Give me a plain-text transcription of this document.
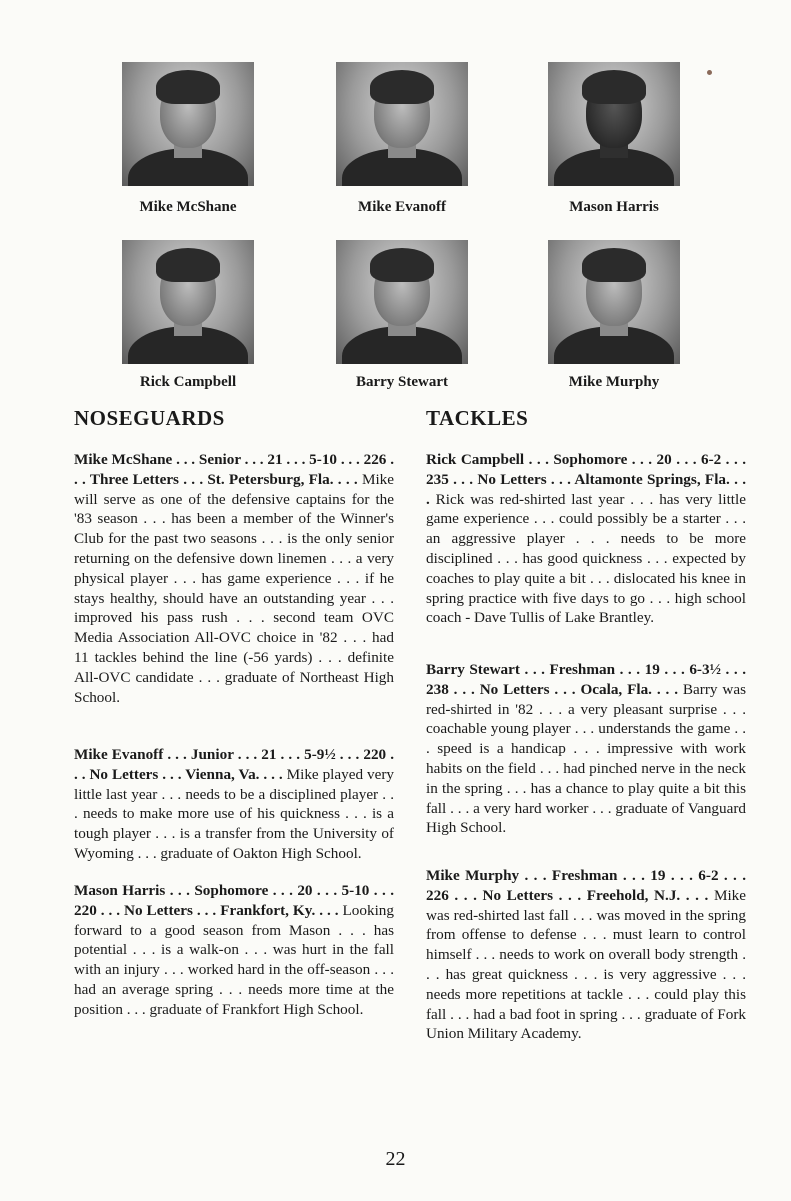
Mike McShane	Mike Evanoff	Mason Harris
Rick Campbell	Barry Stewart	Mike Murphy
NOSEGUARDS	TACKLES
Mike McShane . . . Senior . . . 21 . . . 5-10 . . . 226 . . . Three Letters . . . St. Petersburg, Fla. . . . Mike will serve as one of the defensive captains for the '83 season . . . has been a member of the Winner's Club for the past two seasons . . . is the only senior returning on the defensive down linemen . . . a very physical player . . . has game experience . . . if he stays healthy, should have an outstanding year . . . improved his pass rush . . . second team OVC Media Association All-OVC choice in '82 . . . had 11 tackles behind the line (-56 yards) . . . definite All-OVC candidate . . . graduate of Northeast High School.
Mike Evanoff . . . Junior . . . 21 . . . 5-9½ . . . 220 . . . No Letters . . . Vienna, Va. . . . Mike played very little last year . . . needs to be a disciplined player . . . needs to make more use of his quickness . . . is a tough player . . . is a transfer from the University of Wyoming . . . graduate of Oakton High School.
Mason Harris . . . Sophomore . . . 20 . . . 5-10 . . . 220 . . . No Letters . . . Frankfort, Ky. . . . Looking forward to a good season from Mason . . . has potential . . . is a walk-on . . . was hurt in the fall with an injury . . . worked hard in the off-season . . . had an average spring . . . needs more time at the position . . . graduate of Frankfort High School.
Rick Campbell . . . Sophomore . . . 20 . . . 6-2 . . . 235 . . . No Letters . . . Altamonte Springs, Fla. . . . Rick was red-shirted last year . . . has very little game experience . . . could possibly be a starter . . . an aggressive player . . . needs to be more disciplined . . . has good quickness . . . expected by coaches to play quite a bit . . . dislocated his knee in spring practice with five days to go . . . high school coach - Dave Tullis of Lake Brantley.
Barry Stewart . . . Freshman . . . 19 . . . 6-3½ . . . 238 . . . No Letters . . . Ocala, Fla. . . . Barry was red-shirted in '82 . . . a very pleasant surprise . . . coachable young player . . . understands the game . . . speed is a handicap . . . impressive with work habits on the field . . . had pinched nerve in the neck in the spring . . . has a chance to play quite a bit this fall . . . a very hard worker . . . graduate of Vanguard High School.
Mike Murphy . . . Freshman . . . 19 . . . 6-2 . . . 226 . . . No Letters . . . Freehold, N.J. . . . Mike was red-shirted last fall . . . was moved in the spring from offense to defense . . . must learn to control himself . . . needs to work on overall body strength . . . has great quickness . . . is very aggressive . . . needs more repetitions at tackle . . . could play this fall . . . had a bad foot in spring . . . graduate of Fork Union Military Academy.
22
